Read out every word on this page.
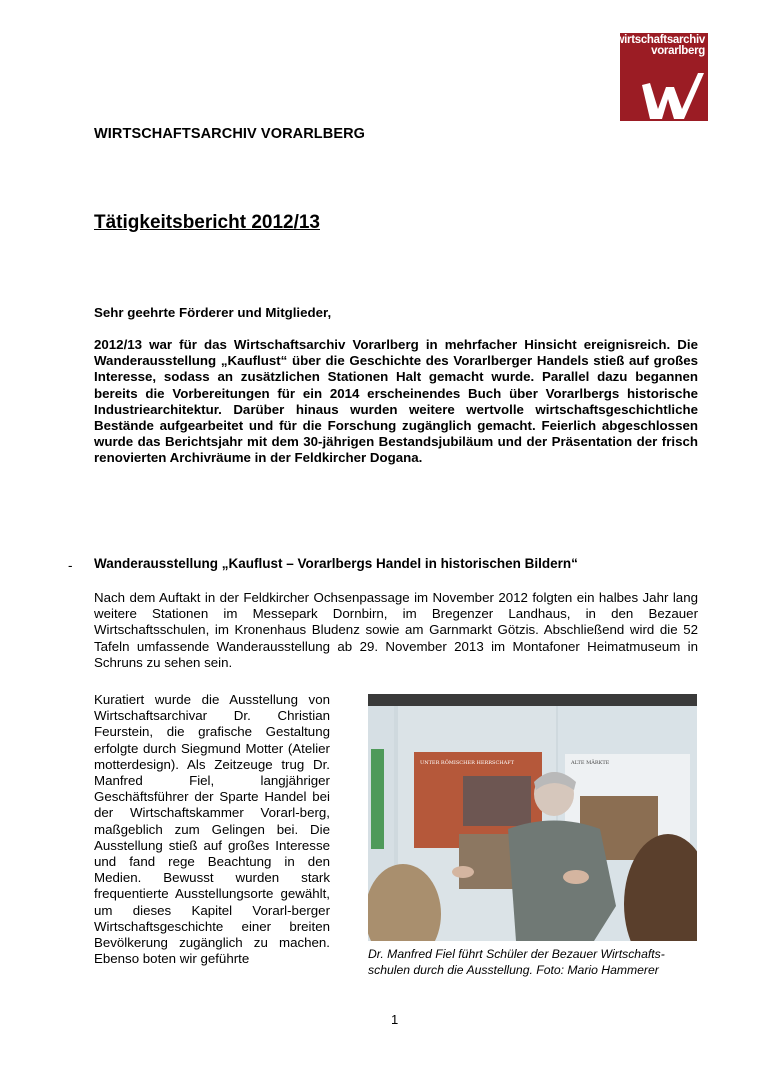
wirtschaftsarchiv
vorarlberg
WIRTSCHAFTSARCHIV VORARLBERG
Tätigkeitsbericht 2012/13
Sehr geehrte Förderer und Mitglieder,
2012/13 war für das Wirtschaftsarchiv Vorarlberg in mehrfacher Hinsicht ereignisreich. Die Wanderausstellung „Kauflust“ über die Geschichte des Vorarlberger Handels stieß auf großes Interesse, sodass an zusätzlichen Stationen Halt gemacht wurde. Parallel dazu begannen bereits die Vorbereitungen für ein 2014 erscheinendes Buch über Vorarlbergs historische Industriearchitektur. Darüber hinaus wurden weitere wertvolle wirtschaftsgeschichtliche Bestände aufgearbeitet und für die Forschung zugänglich gemacht. Feierlich abgeschlossen wurde das Berichtsjahr mit dem 30-jährigen Bestandsjubiläum und der Präsentation der frisch renovierten Archivräume in der Feldkircher Dogana.
- Wanderausstellung „Kauflust – Vorarlbergs Handel in historischen Bildern“
Nach dem Auftakt in der Feldkircher Ochsenpassage im November 2012 folgten ein halbes Jahr lang weitere Stationen im Messepark Dornbirn, im Bregenzer Landhaus, in den Bezauer Wirtschaftsschulen, im Kronenhaus Bludenz sowie am Garnmarkt Götzis. Abschließend wird die 52 Tafeln umfassende Wanderausstellung ab 29. November 2013 im Montafoner Heimatmuseum in Schruns zu sehen sein.
Kuratiert wurde die Ausstellung von Wirtschaftsarchivar Dr. Christian Feurstein, die grafische Gestaltung erfolgte durch Siegmund Motter (Atelier motterdesign). Als Zeitzeuge trug Dr. Manfred Fiel, langjähriger Geschäftsführer der Sparte Handel bei der Wirtschaftskammer Vorarl-berg, maßgeblich zum Gelingen bei. Die Ausstellung stieß auf großes Interesse und fand rege Beachtung in den Medien. Bewusst wurden stark frequentierte Ausstellungsorte gewählt, um dieses Kapitel Vorarl-berger Wirtschaftsgeschichte einer breiten Bevölkerung zugänglich zu machen. Ebenso boten wir geführte
UNTER RÖMISCHER HERRSCHAFT	ALTE MÄRKTE
Dr. Manfred Fiel führt Schüler der Bezauer Wirtschafts-schulen durch die Ausstellung. Foto: Mario Hammerer
1
